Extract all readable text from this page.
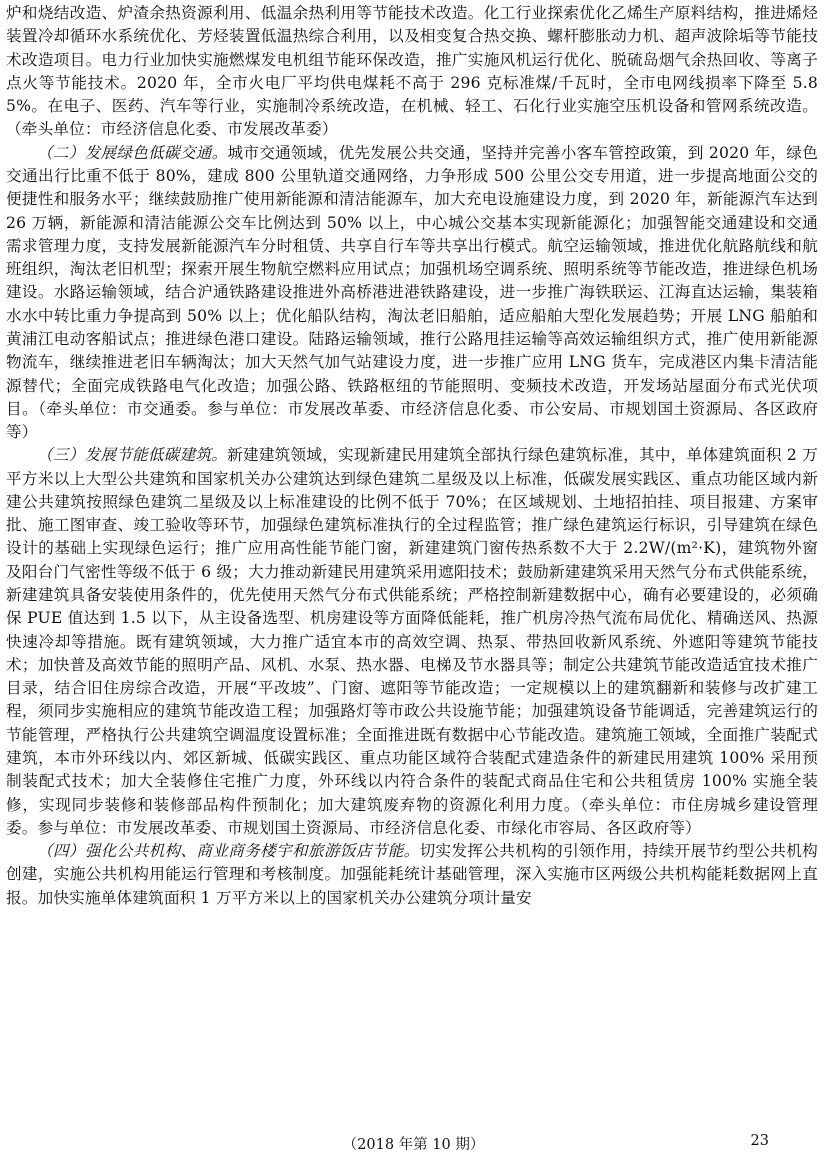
炉和烧结改造、炉渣余热资源利用、低温余热利用等节能技术改造。化工行业探索优化乙烯生产原料结构，推进烯烃装置冷却循环水系统优化、芳烃装置低温热综合利用，以及相变复合热交换、螺杆膨胀动力机、超声波除垢等节能技术改造项目。电力行业加快实施燃煤发电机组节能环保改造，推广实施风机运行优化、脱硫岛烟气余热回收、等离子点火等节能技术。2020 年，全市火电厂平均供电煤耗不高于 296 克标准煤/千瓦时，全市电网线损率下降至 5.85%。在电子、医药、汽车等行业，实施制冷系统改造，在机械、轻工、石化行业实施空压机设备和管网系统改造。（牵头单位：市经济信息化委、市发展改革委）

（二）发展绿色低碳交通。城市交通领域，优先发展公共交通，坚持并完善小客车管控政策，到 2020 年，绿色交通出行比重不低于 80%，建成 800 公里轨道交通网络，力争形成 500 公里公交专用道，进一步提高地面公交的便捷性和服务水平；继续鼓励推广使用新能源和清洁能源车，加大充电设施建设力度，到 2020 年，新能源汽车达到 26 万辆，新能源和清洁能源公交车比例达到 50% 以上，中心城公交基本实现新能源化；加强智能交通建设和交通需求管理力度，支持发展新能源汽车分时租赁、共享自行车等共享出行模式。航空运输领域，推进优化航路航线和航班组织，淘汰老旧机型；探索开展生物航空燃料应用试点；加强机场空调系统、照明系统等节能改造，推进绿色机场建设。水路运输领域，结合沪通铁路建设推进外高桥港进港铁路建设，进一步推广海铁联运、江海直达运输，集装箱水水中转比重力争提高到 50% 以上；优化船队结构，淘汰老旧船舶，适应船舶大型化发展趋势；开展 LNG 船舶和黄浦江电动客船试点；推进绿色港口建设。陆路运输领域，推行公路甩挂运输等高效运输组织方式，推广使用新能源物流车，继续推进老旧车辆淘汰；加大天然气加气站建设力度，进一步推广应用 LNG 货车，完成港区内集卡清洁能源替代；全面完成铁路电气化改造；加强公路、铁路枢纽的节能照明、变频技术改造，开发场站屋面分布式光伏项目。（牵头单位：市交通委。参与单位：市发展改革委、市经济信息化委、市公安局、市规划国土资源局、各区政府等）

（三）发展节能低碳建筑。新建建筑领域，实现新建民用建筑全部执行绿色建筑标准，其中，单体建筑面积 2 万平方米以上大型公共建筑和国家机关办公建筑达到绿色建筑二星级及以上标准，低碳发展实践区、重点功能区域内新建公共建筑按照绿色建筑二星级及以上标准建设的比例不低于 70%；在区域规划、土地招拍挂、项目报建、方案审批、施工图审查、竣工验收等环节，加强绿色建筑标准执行的全过程监管；推广绿色建筑运行标识，引导建筑在绿色设计的基础上实现绿色运行；推广应用高性能节能门窗，新建建筑门窗传热系数不大于 2.2W/(m²·K)，建筑物外窗及阳台门气密性等级不低于 6 级；大力推动新建民用建筑采用遮阳技术；鼓励新建建筑采用天然气分布式供能系统，新建建筑具备安装使用条件的，优先使用天然气分布式供能系统；严格控制新建数据中心，确有必要建设的，必须确保 PUE 值达到 1.5 以下，从主设备选型、机房建设等方面降低能耗，推广机房冷热气流布局优化、精确送风、热源快速冷却等措施。既有建筑领域，大力推广适宜本市的高效空调、热泵、带热回收新风系统、外遮阳等建筑节能技术；加快普及高效节能的照明产品、风机、水泵、热水器、电梯及节水器具等；制定公共建筑节能改造适宜技术推广目录，结合旧住房综合改造，开展“平改坡”、门窗、遮阳等节能改造；一定规模以上的建筑翻新和装修与改扩建工程，须同步实施相应的建筑节能改造工程；加强路灯等市政公共设施节能；加强建筑设备节能调适，完善建筑运行的节能管理，严格执行公共建筑空调温度设置标准；全面推进既有数据中心节能改造。建筑施工领域，全面推广装配式建筑，本市外环线以内、郊区新城、低碳实践区、重点功能区域符合装配式建造条件的新建民用建筑 100% 采用预制装配式技术；加大全装修住宅推广力度，外环线以内符合条件的装配式商品住宅和公共租赁房 100% 实施全装修，实现同步装修和装修部品构件预制化；加大建筑废弃物的资源化利用力度。（牵头单位：市住房城乡建设管理委。参与单位：市发展改革委、市规划国土资源局、市经济信息化委、市绿化市容局、各区政府等）

（四）强化公共机构、商业商务楼宇和旅游饭店节能。切实发挥公共机构的引领作用，持续开展节约型公共机构创建，实施公共机构用能运行管理和考核制度。加强能耗统计基础管理，深入实施市区两级公共机构能耗数据网上直报。加快实施单体建筑面积 1 万平方米以上的国家机关办公建筑分项计量安

（2018 年第 10 期）	23
